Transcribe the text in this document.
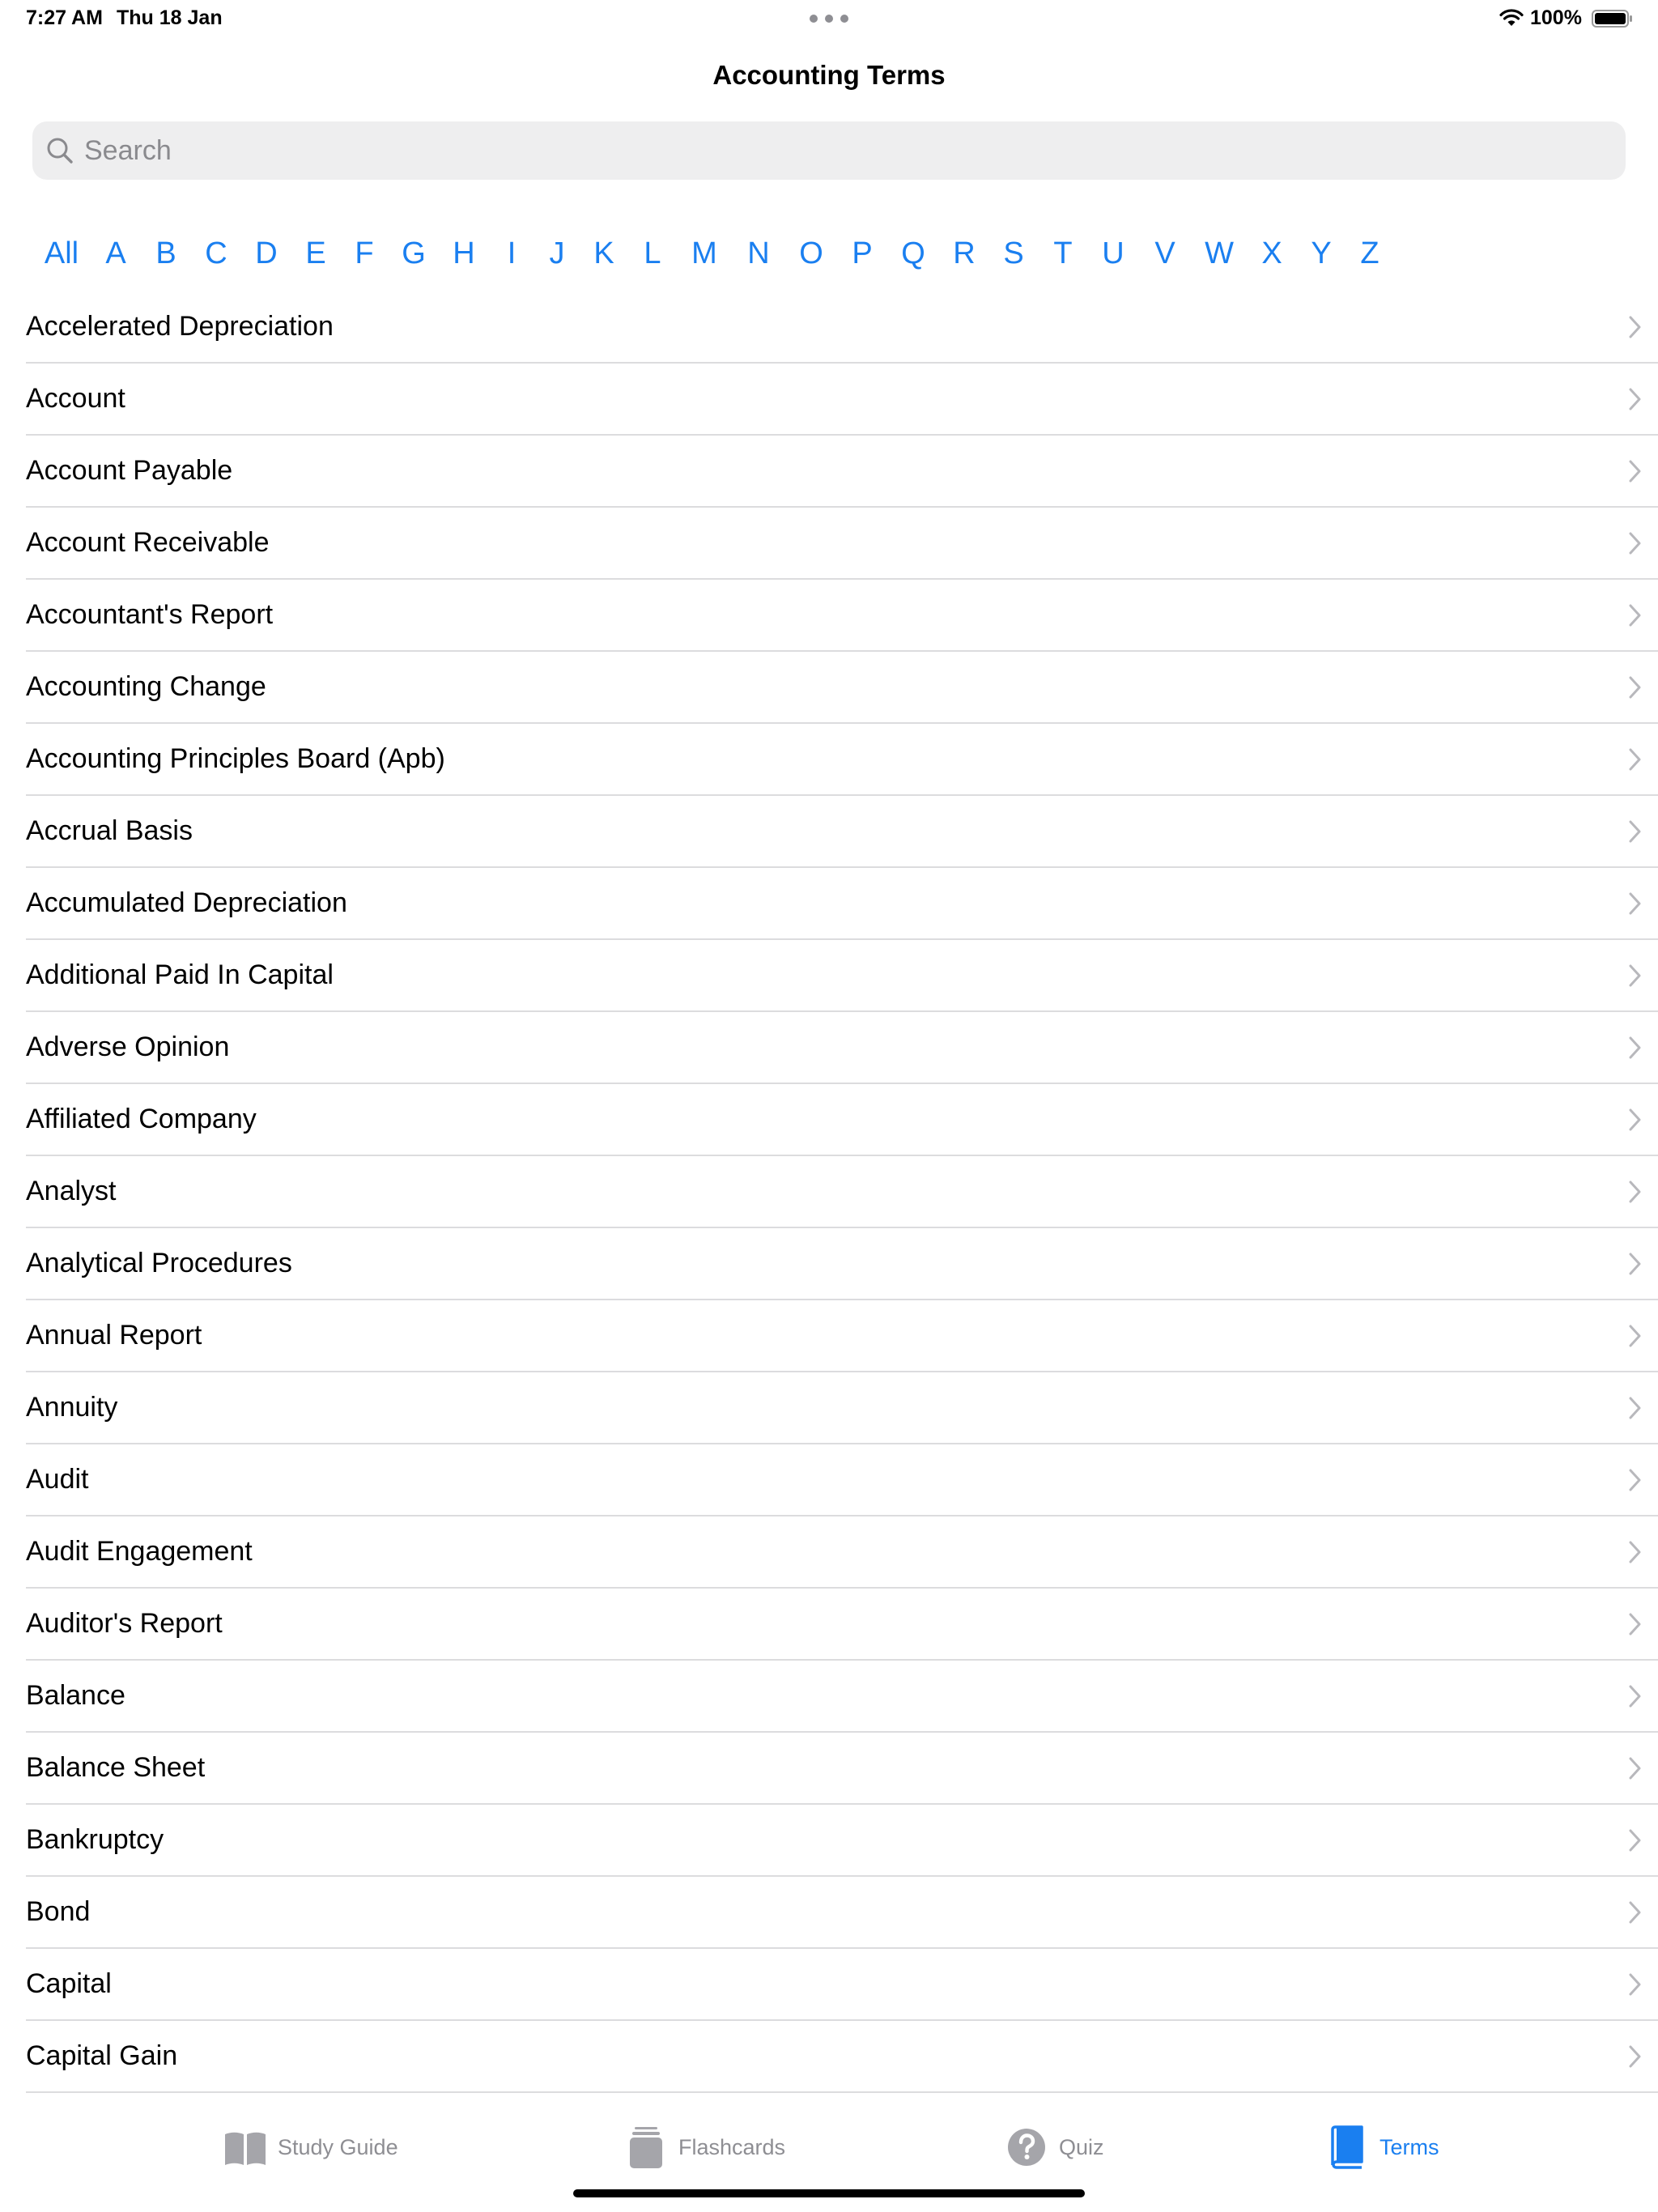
7:27 AM Thu 18 Jan	100%
Accounting Terms
Search
All A B C D E F G H	I	J K L M N O P Q R S T U V W X Y Z
Accelerated Depreciation
Account
Account Payable
Account Receivable
Accountant's Report
Accounting Change
Accounting Principles Board (Apb)
Accrual Basis
Accumulated Depreciation
Additional Paid In Capital
Adverse Opinion
Affiliated Company
Analyst
Analytical Procedures
Annual Report
Annuity
Audit
Audit Engagement
Auditor's Report
Balance
Balance Sheet
Bankruptcy
Bond
Capital
Capital Gain
Study Guide	Flashcards	Quiz	Terms
